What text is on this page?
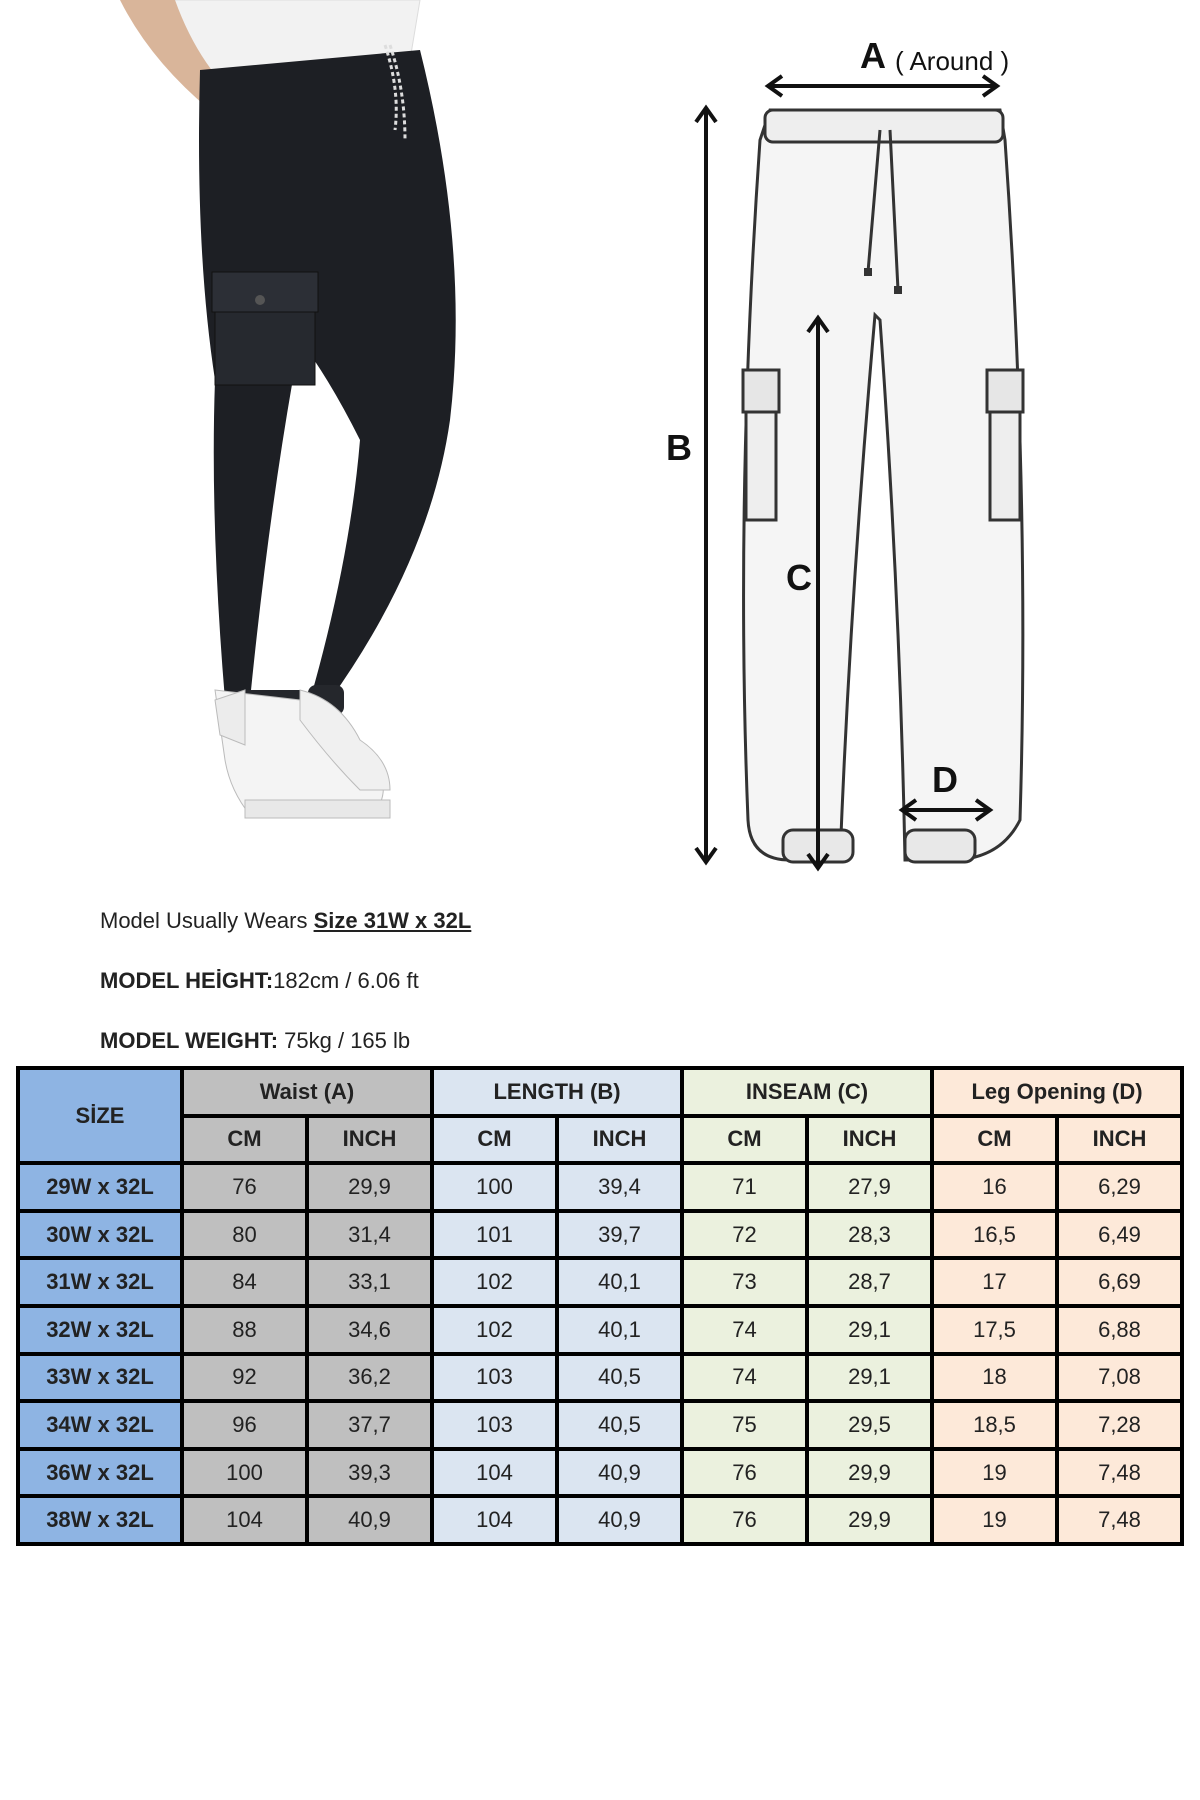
A ( Around )
B
C
D
Model Usually Wears Size 31W x 32L
MODEL HEİGHT:182cm / 6.06 ft
MODEL WEIGHT: 75kg / 165 lb
SİZE	Waist (A)		LENGTH (B)		INSEAM (C)		Leg Opening (D)	
	CM	INCH	CM	INCH	CM	INCH	CM	INCH
29W x 32L	76	29,9	100	39,4	71	27,9	16	6,29
30W x 32L	80	31,4	101	39,7	72	28,3	16,5	6,49
31W x 32L	84	33,1	102	40,1	73	28,7	17	6,69
32W x 32L	88	34,6	102	40,1	74	29,1	17,5	6,88
33W x 32L	92	36,2	103	40,5	74	29,1	18	7,08
34W x 32L	96	37,7	103	40,5	75	29,5	18,5	7,28
36W x 32L	100	39,3	104	40,9	76	29,9	19	7,48
38W x 32L	104	40,9	104	40,9	76	29,9	19	7,48
